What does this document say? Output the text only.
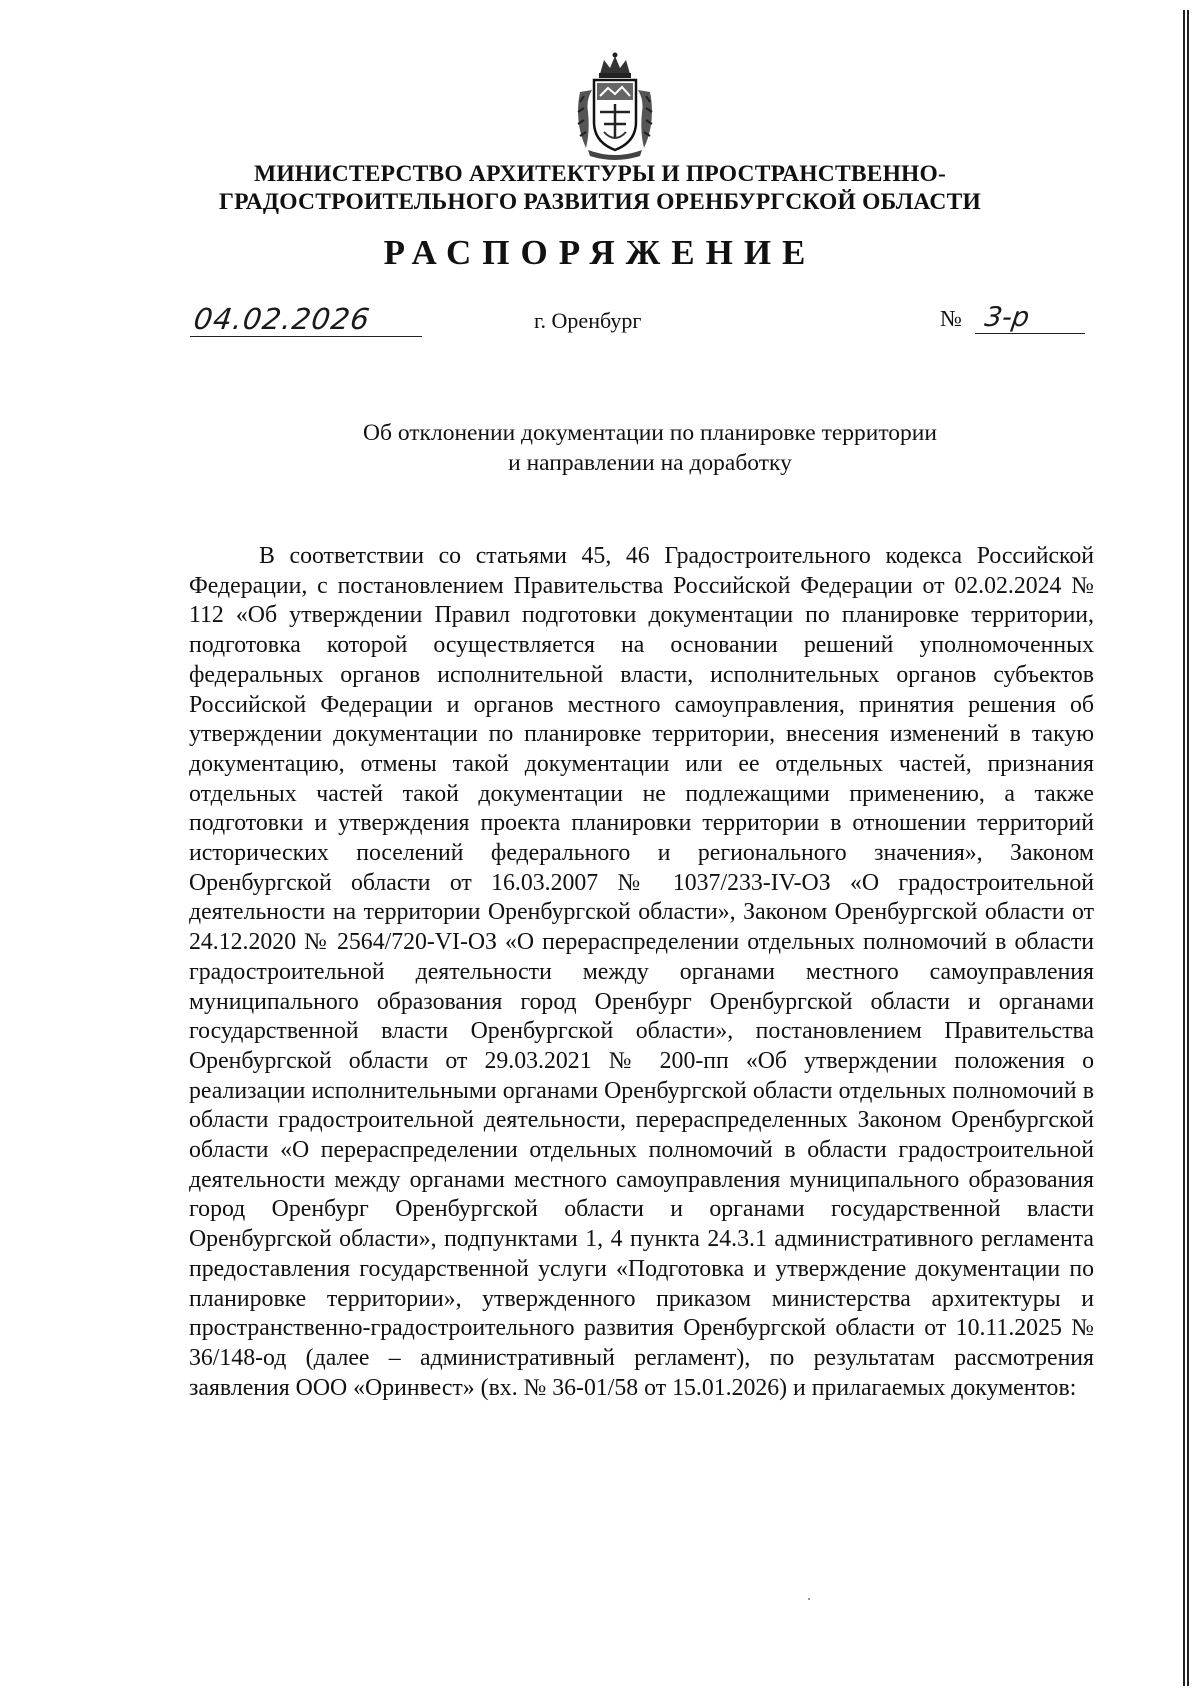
МИНИСТЕРСТВО АРХИТЕКТУРЫ И ПРОСТРАНСТВЕННО-
ГРАДОСТРОИТЕЛЬНОГО РАЗВИТИЯ ОРЕНБУРГСКОЙ ОБЛАСТИ
РАСПОРЯЖЕНИЕ
04.02.2026	г. Оренбург	№ 3-р
Об отклонении документации по планировке территории
и направлении на доработку
В соответствии со статьями 45, 46 Градостроительного кодекса Российской Федерации, с постановлением Правительства Российской Федерации от 02.02.2024 № 112 «Об утверждении Правил подготовки документации по планировке территории, подготовка которой осуществляется на основании решений уполномоченных федеральных органов исполнительной власти, исполнительных органов субъектов Российской Федерации и органов местного самоуправления, принятия решения об утверждении документации по планировке территории, внесения изменений в такую документацию, отмены такой документации или ее отдельных частей, признания отдельных частей такой документации не подлежащими применению, а также подготовки и утверждения проекта планировки территории в отношении территорий исторических поселений федерального и регионального значения», Законом Оренбургской области от 16.03.2007 № 1037/233-IV-ОЗ «О градостроительной деятельности на территории Оренбургской области», Законом Оренбургской области от 24.12.2020 № 2564/720-VI-ОЗ «О перераспределении отдельных полномочий в области градостроительной деятельности между органами местного самоуправления муниципального образования город Оренбург Оренбургской области и органами государственной власти Оренбургской области», постановлением Правительства Оренбургской области от 29.03.2021 № 200-пп «Об утверждении положения о реализации исполнительными органами Оренбургской области отдельных полномочий в области градостроительной деятельности, перераспределенных Законом Оренбургской области «О перераспределении отдельных полномочий в области градостроительной деятельности между органами местного самоуправления муниципального образования город Оренбург Оренбургской области и органами государственной власти Оренбургской области», подпунктами 1, 4 пункта 24.3.1 административного регламента предоставления государственной услуги «Подготовка и утверждение документации по планировке территории», утвержденного приказом министерства архитектуры и пространственно-градостроительного развития Оренбургской области от 10.11.2025 № 36/148-од (далее – административный регламент), по результатам рассмотрения заявления ООО «Оринвест» (вх. № 36-01/58 от 15.01.2026) и прилагаемых документов:
